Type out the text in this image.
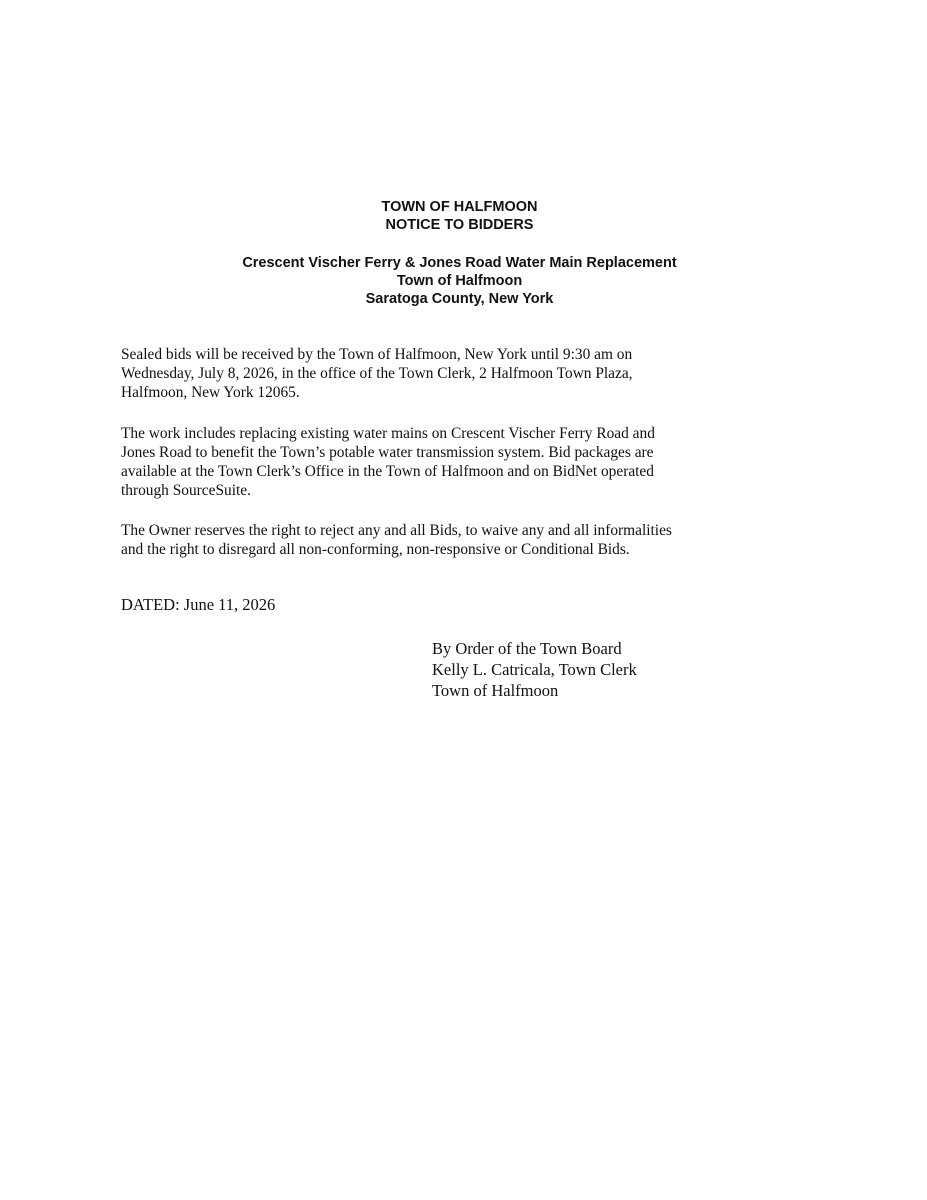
TOWN OF HALFMOON
NOTICE TO BIDDERS
Crescent Vischer Ferry & Jones Road Water Main Replacement
Town of Halfmoon
Saratoga County, New York

Sealed bids will be received by the Town of Halfmoon, New York until 9:30 am on
Wednesday, July 8, 2026, in the office of the Town Clerk, 2 Halfmoon Town Plaza,
Halfmoon, New York 12065.

The work includes replacing existing water mains on Crescent Vischer Ferry Road and
Jones Road to benefit the Town’s potable water transmission system. Bid packages are
available at the Town Clerk’s Office in the Town of Halfmoon and on BidNet operated
through SourceSuite.

The Owner reserves the right to reject any and all Bids, to waive any and all informalities
and the right to disregard all non-conforming, non-responsive or Conditional Bids.

DATED: June 11, 2026
By Order of the Town Board
Kelly L. Catricala, Town Clerk
Town of Halfmoon
